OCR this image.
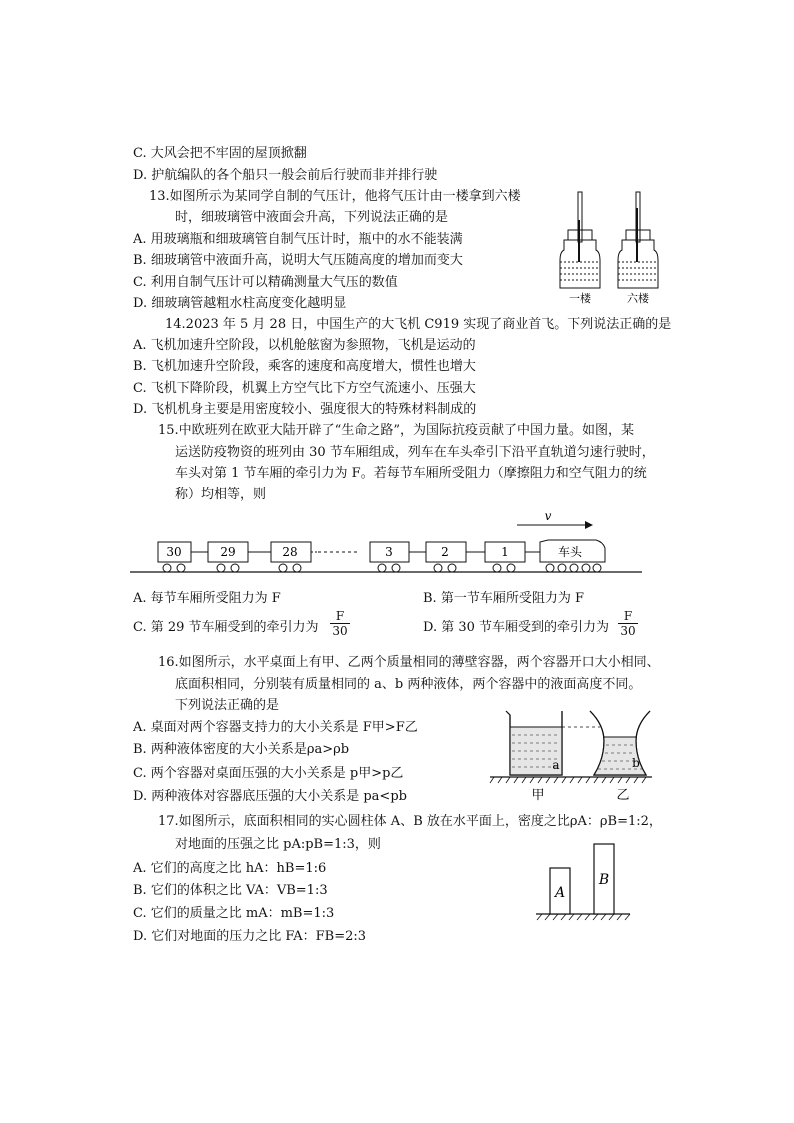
C. 大风会把不牢固的屋顶掀翻
D. 护航编队的各个船只一般会前后行驶而非并排行驶
13.如图所示为某同学自制的气压计，他将气压计由一楼拿到六楼
时，细玻璃管中液面会升高，下列说法正确的是
A. 用玻璃瓶和细玻璃管自制气压计时，瓶中的水不能装满
B. 细玻璃管中液面升高，说明大气压随高度的增加而变大
C. 利用自制气压计可以精确测量大气压的数值
D. 细玻璃管越粗水柱高度变化越明显	一楼	六楼
14.2023 年 5 月 28 日，中国生产的大飞机 C919 实现了商业首飞。下列说法正确的是
A. 飞机加速升空阶段，以机舱舷窗为参照物，飞机是运动的
B. 飞机加速升空阶段，乘客的速度和高度增大，惯性也增大
C. 飞机下降阶段，机翼上方空气比下方空气流速小、压强大
D. 飞机机身主要是用密度较小、强度很大的特殊材料制成的
15.中欧班列在欧亚大陆开辟了“生命之路”，为国际抗疫贡献了中国力量。如图，某
运送防疫物资的班列由 30 节车厢组成，列车在车头牵引下沿平直轨道匀速行驶时，
车头对第 1 节车厢的牵引力为 F。若每节车厢所受阻力（摩擦阻力和空气阻力的统
称）均相等，则
v
30	29	28	3	2	1	车头
A. 每节车厢所受阻力为 F	B. 第一节车厢所受阻力为 F
C. 第 29 节车厢受到的牵引力为 $\frac{F}{30}$	D. 第 30 节车厢受到的牵引力为 $\frac{F}{30}$
16.如图所示，水平桌面上有甲、乙两个质量相同的薄壁容器，两个容器开口大小相同、
底面积相同，分别装有质量相同的 a、b 两种液体，两个容器中的液面高度不同。
下列说法正确的是
A. 桌面对两个容器支持力的大小关系是 F甲>F乙
B. 两种液体密度的大小关系是ρa>ρb
C. 两个容器对桌面压强的大小关系是 p甲>p乙
D. 两种液体对容器底压强的大小关系是 pa<pb
a	b
甲	乙
17.如图所示，底面积相同的实心圆柱体 A、B 放在水平面上，密度之比ρA：ρB=1:2，
对地面的压强之比 pA:pB=1:3，则
A. 它们的高度之比 hA：hB=1:6
B. 它们的体积之比 VA：VB=1:3
C. 它们的质量之比 mA：mB=1:3
D. 它们对地面的压力之比 FA：FB=2:3
A
B
